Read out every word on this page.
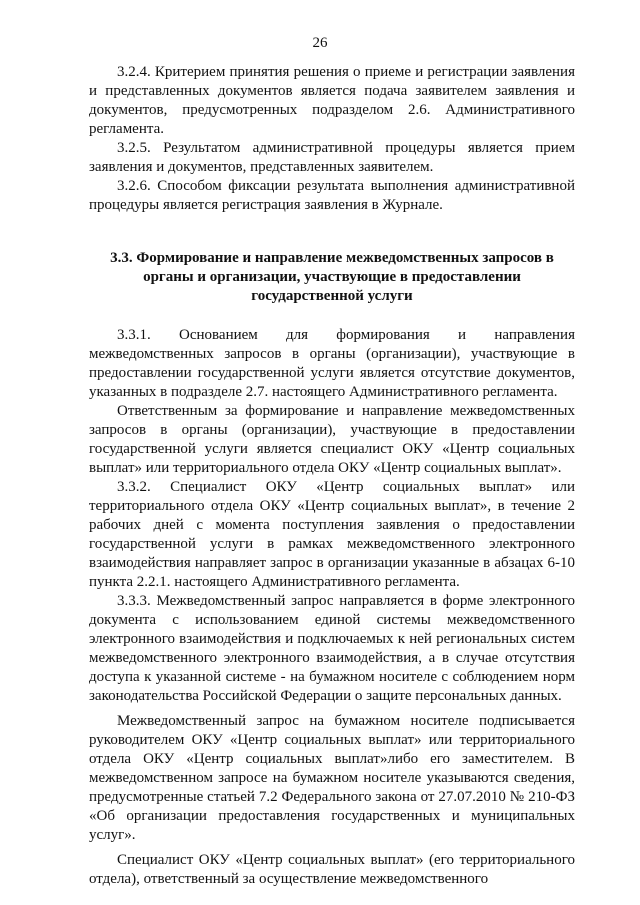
26

3.2.4. Критерием принятия решения о приеме и регистрации заявления и представленных документов является подача заявителем заявления и документов, предусмотренных подразделом 2.6. Административного регламента.

3.2.5. Результатом административной процедуры является прием заявления и документов, представленных заявителем.

3.2.6. Способом фиксации результата выполнения административной процедуры является регистрация заявления в Журнале.

3.3. Формирование и направление межведомственных запросов в органы и организации, участвующие в предоставлении государственной услуги

3.3.1. Основанием для формирования и направления межведомственных запросов в органы (организации), участвующие в предоставлении государственной услуги является отсутствие документов, указанных в подразделе 2.7. настоящего Административного регламента.

Ответственным за формирование и направление межведомственных запросов в органы (организации), участвующие в предоставлении государственной услуги является специалист ОКУ «Центр социальных выплат» или территориального отдела ОКУ «Центр социальных выплат».

3.3.2. Специалист ОКУ «Центр социальных выплат» или территориального отдела ОКУ «Центр социальных выплат», в течение 2 рабочих дней с момента поступления заявления о предоставлении государственной услуги в рамках межведомственного электронного взаимодействия направляет запрос в организации указанные в абзацах 6-10 пункта 2.2.1. настоящего Административного регламента.

3.3.3. Межведомственный запрос направляется в форме электронного документа с использованием единой системы межведомственного электронного взаимодействия и подключаемых к ней региональных систем межведомственного электронного взаимодействия, а в случае отсутствия доступа к указанной системе - на бумажном носителе с соблюдением норм законодательства Российской Федерации о защите персональных данных.

Межведомственный запрос на бумажном носителе подписывается руководителем ОКУ «Центр социальных выплат» или территориального отдела ОКУ «Центр социальных выплат»либо его заместителем. В межведомственном запросе на бумажном носителе указываются сведения, предусмотренные статьей 7.2 Федерального закона от 27.07.2010 № 210-ФЗ «Об организации предоставления государственных и муниципальных услуг».

Специалист ОКУ «Центр социальных выплат» (его территориального отдела), ответственный за осуществление межведомственного
